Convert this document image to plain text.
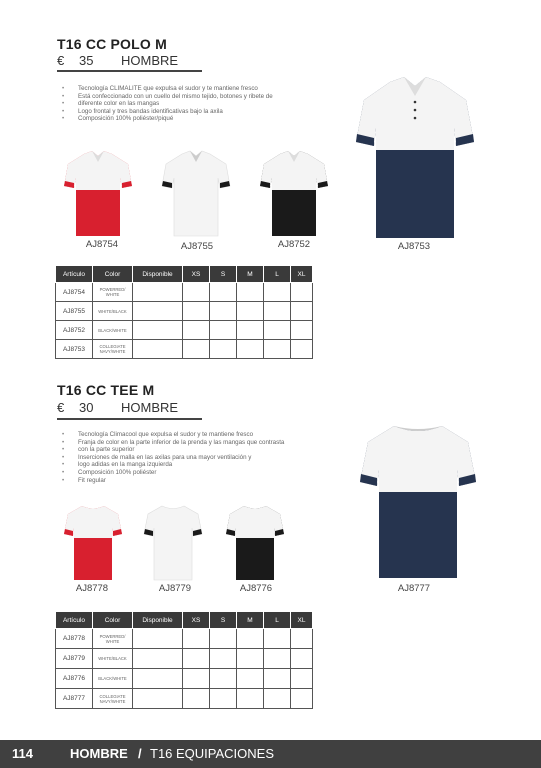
T16 CC POLO M
€ 35 HOMBRE
• Tecnología CLIMALITE que expulsa el sudor y te mantiene fresco
• Está confeccionado con un cuello del mismo tejido, botones y ribete de
• diferente color en las mangas
• Logo frontal y tres bandas identificativas bajo la axila
• Composición 100% poliéster/piqué
AJ8754	AJ8755	AJ8752	AJ8753
Artículo	Color	Disponible	XS	S	M	L	XL
AJ8754	POWERRED/
WHITE						

AJ8755	WHITE/BLACK						

AJ8752	BLACK/WHITE						

AJ8753	COLLEGIATE
NAVY/WHITE						

T16 CC TEE M
€ 30 HOMBRE
• Tecnología Climacool que expulsa el sudor y te mantiene fresco
• Franja de color en la parte inferior de la prenda y las mangas que contrasta
• con la parte superior
• Inserciones de malla en las axilas para una mayor ventilación y
• logo adidas en la manga izquierda
• Composición 100% poliéster
• Fit regular
AJ8778	AJ8779	AJ8776	AJ8777
Artículo	Color	Disponible	XS	S	M	L	XL
AJ8778	POWERRED/
WHITE						

AJ8779	WHITE/BLACK						

AJ8776	BLACK/WHITE						

AJ8777	COLLEGIATE
NAVY/WHITE						

114	HOMBRE / T16 EQUIPACIONES
